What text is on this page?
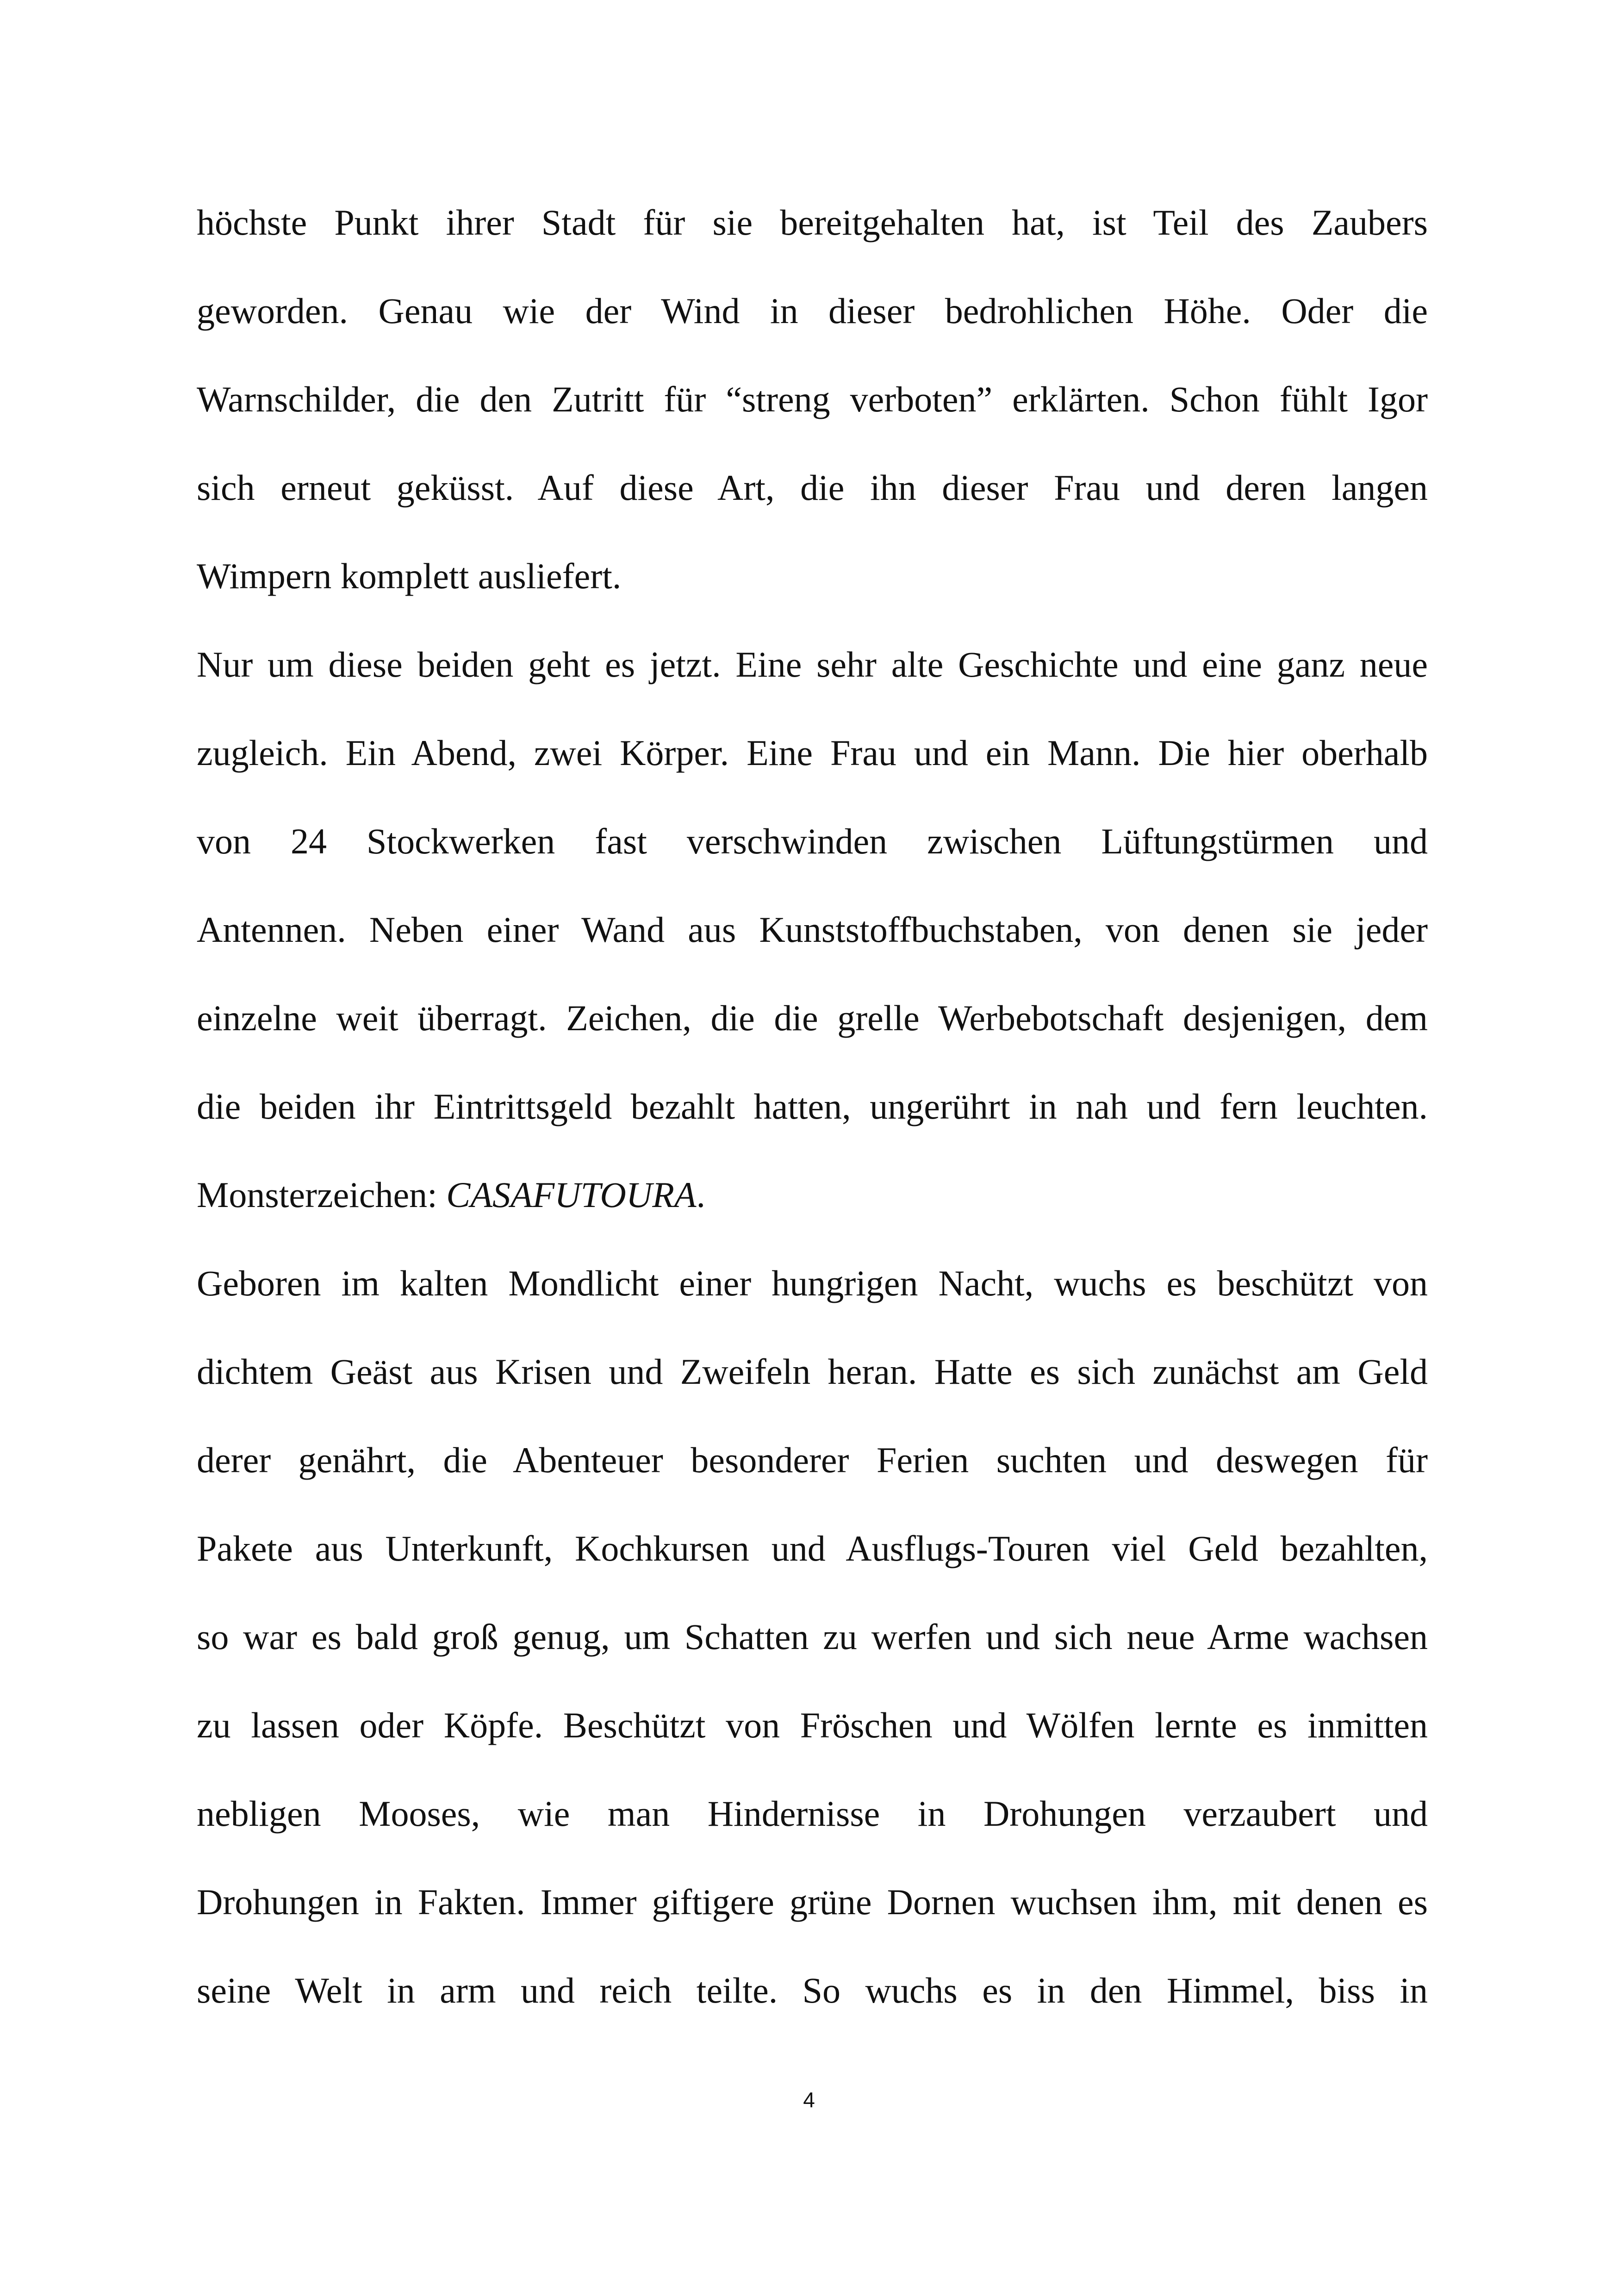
höchste Punkt ihrer Stadt für sie bereitgehalten hat, ist Teil des Zaubers
geworden. Genau wie der Wind in dieser bedrohlichen Höhe. Oder die
Warnschilder, die den Zutritt für “streng verboten” erklärten. Schon fühlt Igor
sich erneut geküsst. Auf diese Art, die ihn dieser Frau und deren langen
Wimpern komplett ausliefert.

Nur um diese beiden geht es jetzt. Eine sehr alte Geschichte und eine ganz neue
zugleich. Ein Abend, zwei Körper. Eine Frau und ein Mann. Die hier oberhalb
von 24 Stockwerken fast verschwinden zwischen Lüftungstürmen und
Antennen. Neben einer Wand aus Kunststoffbuchstaben, von denen sie jeder
einzelne weit überragt. Zeichen, die die grelle Werbebotschaft desjenigen, dem
die beiden ihr Eintrittsgeld bezahlt hatten, ungerührt in nah und fern leuchten.
Monsterzeichen: CASAFUTOURA.

Geboren im kalten Mondlicht einer hungrigen Nacht, wuchs es beschützt von
dichtem Geäst aus Krisen und Zweifeln heran. Hatte es sich zunächst am Geld
derer genährt, die Abenteuer besonderer Ferien suchten und deswegen für
Pakete aus Unterkunft, Kochkursen und Ausflugs-Touren viel Geld bezahlten,
so war es bald groß genug, um Schatten zu werfen und sich neue Arme wachsen
zu lassen oder Köpfe. Beschützt von Fröschen und Wölfen lernte es inmitten
nebligen Mooses, wie man Hindernisse in Drohungen verzaubert und
Drohungen in Fakten. Immer giftigere grüne Dornen wuchsen ihm, mit denen es
seine Welt in arm und reich teilte. So wuchs es in den Himmel, biss in

4
